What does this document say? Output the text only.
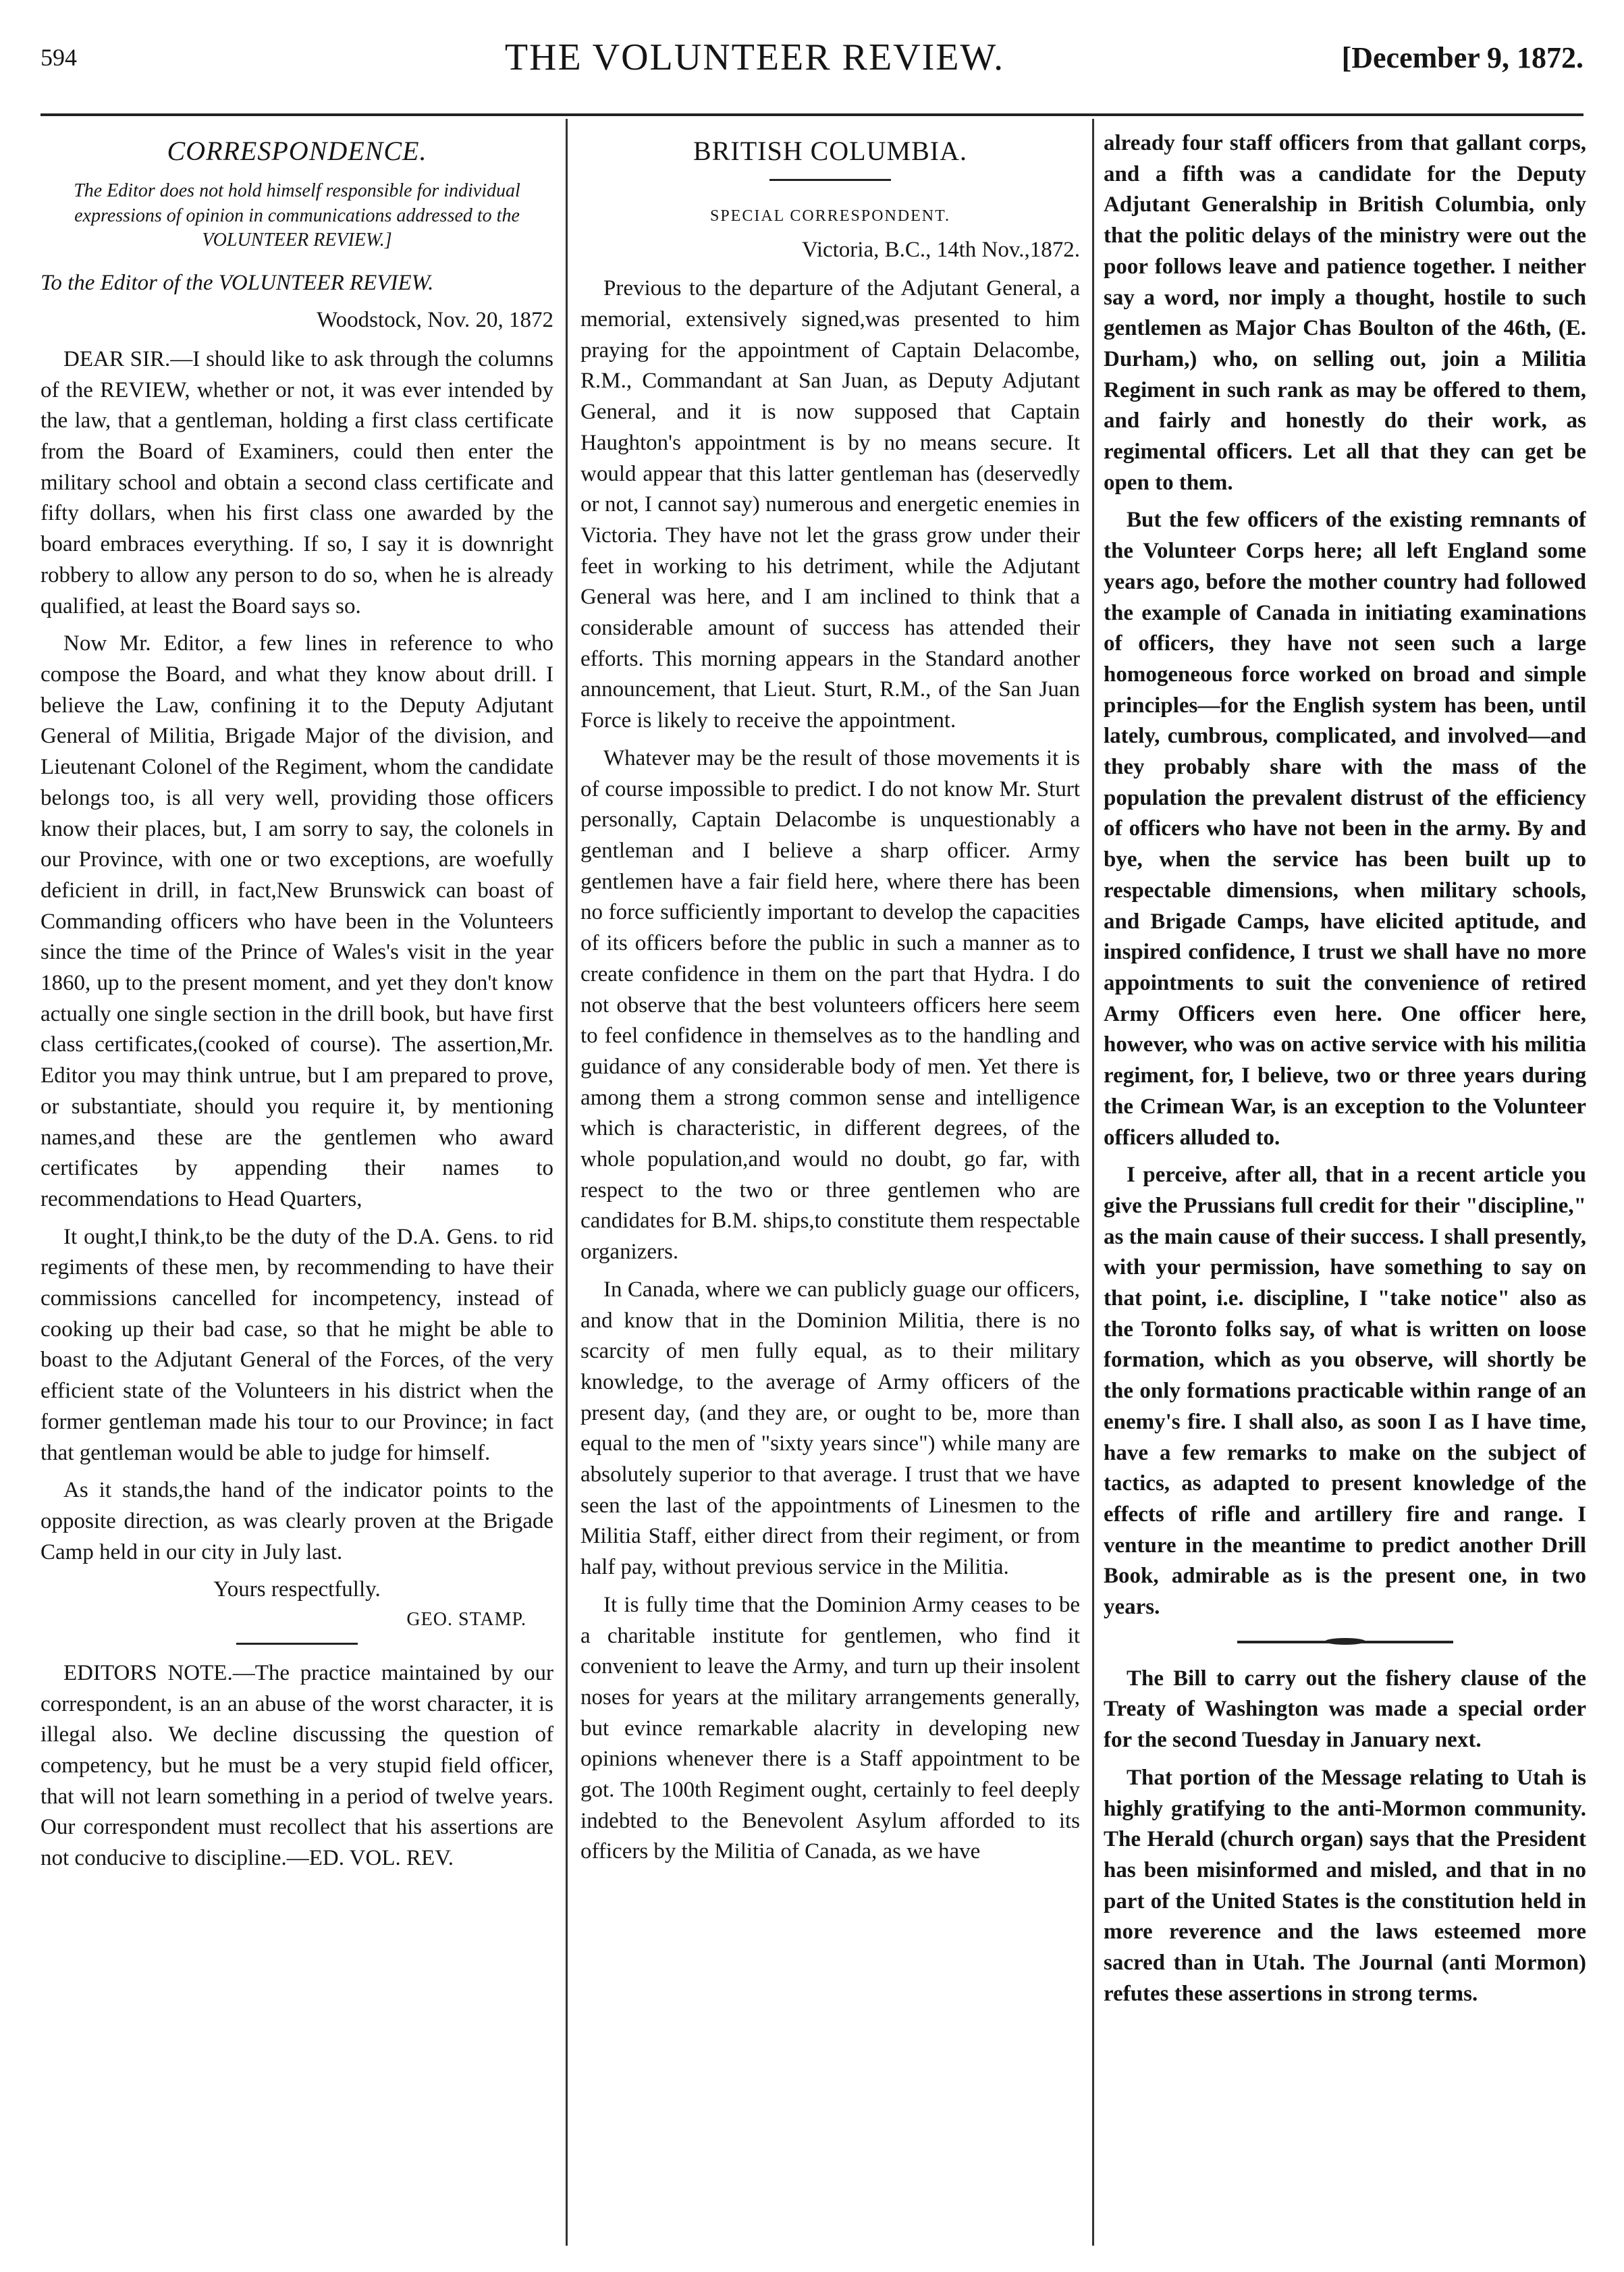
594	THE VOLUNTEER REVIEW.	[December 9, 1872.
CORRESPONDENCE.
The Editor does not hold himself responsible for individual expressions of opinion in communications addressed to the VOLUNTEER REVIEW.]

To the Editor of the VOLUNTEER REVIEW.

Woodstock, Nov. 20, 1872

DEAR SIR.—I should like to ask through the columns of the REVIEW, whether or not, it was ever intended by the law, that a gentleman, holding a first class certificate from the Board of Examiners, could then enter the military school and obtain a second class certificate and fifty dollars, when his first class one awarded by the board embraces everything. If so, I say it is downright robbery to allow any person to do so, when he is already qualified, at least the Board says so.

Now Mr. Editor, a few lines in reference to who compose the Board, and what they know about drill. I believe the Law, confining it to the Deputy Adjutant General of Militia, Brigade Major of the division, and Lieutenant Colonel of the Regiment, whom the candidate belongs too, is all very well, providing those officers know their places, but, I am sorry to say, the colonels in our Province, with one or two exceptions, are woefully deficient in drill, in fact,New Brunswick can boast of Commanding officers who have been in the Volunteers since the time of the Prince of Wales's visit in the year 1860, up to the present moment, and yet they don't know actually one single section in the drill book, but have first class certificates,(cooked of course). The assertion,Mr. Editor you may think untrue, but I am prepared to prove, or substantiate, should you require it, by mentioning names,and these are the gentlemen who award certificates by appending their names to recommendations to Head Quarters,

It ought,I think,to be the duty of the D.A. Gens. to rid regiments of these men, by recommending to have their commissions cancelled for incompetency, instead of cooking up their bad case, so that he might be able to boast to the Adjutant General of the Forces, of the very efficient state of the Volunteers in his district when the former gentleman made his tour to our Province; in fact that gentleman would be able to judge for himself.

As it stands,the hand of the indicator points to the opposite direction, as was clearly proven at the Brigade Camp held in our city in July last.

Yours respectfully.
GEO. STAMP.

EDITORS NOTE.—The practice maintained by our correspondent, is an an abuse of the worst character, it is illegal also. We decline discussing the question of competency, but he must be a very stupid field officer, that will not learn something in a period of twelve years. Our correspondent must recollect that his assertions are not conducive to discipline.—ED. VOL. REV.

BRITISH COLUMBIA.
SPECIAL CORRESPONDENT.
Victoria, B.C., 14th Nov.,1872.

Previous to the departure of the Adjutant General, a memorial, extensively signed,was presented to him praying for the appointment of Captain Delacombe, R.M., Commandant at San Juan, as Deputy Adjutant General, and it is now supposed that Captain Haughton's appointment is by no means secure. It would appear that this latter gentleman has (deservedly or not, I cannot say) numerous and energetic enemies in Victoria. They have not let the grass grow under their feet in working to his detriment, while the Adjutant General was here, and I am inclined to think that a considerable amount of success has attended their efforts. This morning appears in the Standard another announcement, that Lieut. Sturt, R.M., of the San Juan Force is likely to receive the appointment.

Whatever may be the result of those movements it is of course impossible to predict. I do not know Mr. Sturt personally, Captain Delacombe is unquestionably a gentleman and I believe a sharp officer. Army gentlemen have a fair field here, where there has been no force sufficiently important to develop the capacities of its officers before the public in such a manner as to create confidence in them on the part that Hydra. I do not observe that the best volunteers officers here seem to feel confidence in themselves as to the handling and guidance of any considerable body of men. Yet there is among them a strong common sense and intelligence which is characteristic, in different degrees, of the whole population,and would no doubt, go far, with respect to the two or three gentlemen who are candidates for B.M. ships,to constitute them respectable organizers.

In Canada, where we can publicly guage our officers, and know that in the Dominion Militia, there is no scarcity of men fully equal, as to their military knowledge, to the average of Army officers of the present day, (and they are, or ought to be, more than equal to the men of "sixty years since") while many are absolutely superior to that average. I trust that we have seen the last of the appointments of Linesmen to the Militia Staff, either direct from their regiment, or from half pay, without previous service in the Militia.

It is fully time that the Dominion Army ceases to be a charitable institute for gentlemen, who find it convenient to leave the Army, and turn up their insolent noses for years at the military arrangements generally, but evince remarkable alacrity in developing new opinions whenever there is a Staff appointment to be got. The 100th Regiment ought, certainly to feel deeply indebted to the Benevolent Asylum afforded to its officers by the Militia of Canada, as we have

already four staff officers from that gallant corps, and a fifth was a candidate for the Deputy Adjutant Generalship in British Columbia, only that the politic delays of the ministry were out the poor follows leave and patience together. I neither say a word, nor imply a thought, hostile to such gentlemen as Major Chas Boulton of the 46th, (E. Durham,) who, on selling out, join a Militia Regiment in such rank as may be offered to them, and fairly and honestly do their work, as regimental officers. Let all that they can get be open to them.

But the few officers of the existing remnants of the Volunteer Corps here; all left England some years ago, before the mother country had followed the example of Canada in initiating examinations of officers, they have not seen such a large homogeneous force worked on broad and simple principles—for the English system has been, until lately, cumbrous, complicated, and involved—and they probably share with the mass of the population the prevalent distrust of the efficiency of officers who have not been in the army. By and bye, when the service has been built up to respectable dimensions, when military schools, and Brigade Camps, have elicited aptitude, and inspired confidence, I trust we shall have no more appointments to suit the convenience of retired Army Officers even here. One officer here, however, who was on active service with his militia regiment, for, I believe, two or three years during the Crimean War, is an exception to the Volunteer officers alluded to.

I perceive, after all, that in a recent article you give the Prussians full credit for their "discipline," as the main cause of their success. I shall presently, with your permission, have something to say on that point, i.e. discipline, I "take notice" also as the Toronto folks say, of what is written on loose formation, which as you observe, will shortly be the only formations practicable within range of an enemy's fire. I shall also, as soon I as I have time, have a few remarks to make on the subject of tactics, as adapted to present knowledge of the effects of rifle and artillery fire and range. I venture in the meantime to predict another Drill Book, admirable as is the present one, in two years.

The Bill to carry out the fishery clause of the Treaty of Washington was made a special order for the second Tuesday in January next.

That portion of the Message relating to Utah is highly gratifying to the anti-Mormon community. The Herald (church organ) says that the President has been misinformed and misled, and that in no part of the United States is the constitution held in more reverence and the laws esteemed more sacred than in Utah. The Journal (anti Mormon) refutes these assertions in strong terms.
